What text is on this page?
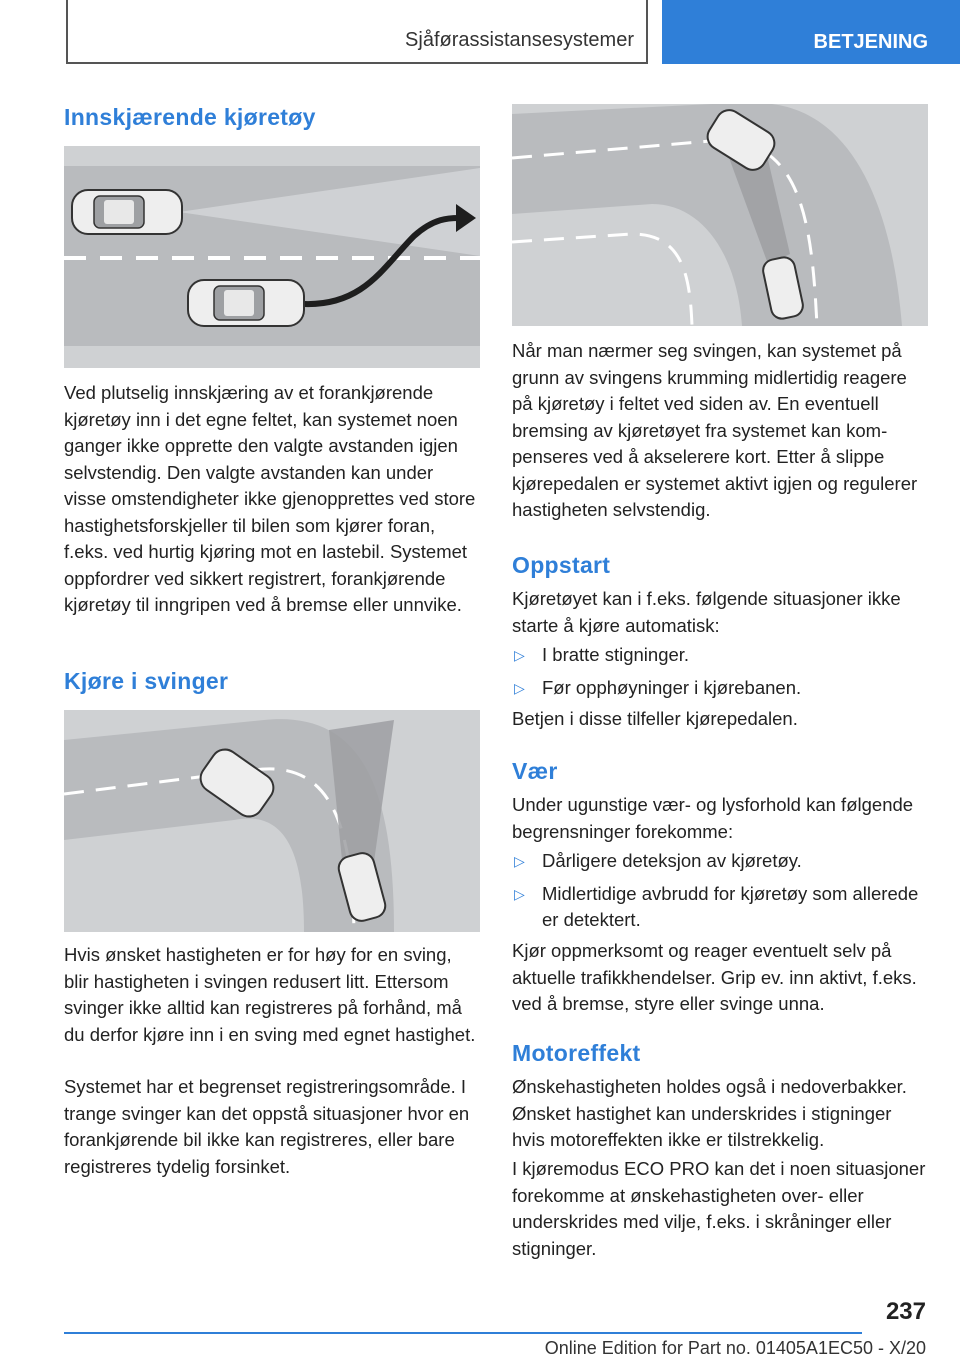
Sjåførassistansesystemer	BETJENING
Innskjærende kjøretøy

Ved plutselig innskjæring av et forankjørende kjøretøy inn i det egne feltet, kan systemet noen ganger ikke opprette den valgte avstanden igjen selvstendig. Den valgte avstanden kan under visse omstendigheter ikke gjenopprettes ved store hastighetsforskjeller til bilen som kjører foran, f.eks. ved hurtig kjøring mot en lastebil. Systemet oppfordrer ved sikkert registrert, forankjørende kjøretøy til inngripen ved å bremse eller unnvike.

Kjøre i svinger

Hvis ønsket hastigheten er for høy for en sving, blir hastigheten i svingen redusert litt. Ettersom svinger ikke alltid kan registreres på forhånd, må du derfor kjøre inn i en sving med egnet hastighet.

Systemet har et begrenset registreringsområde. I trange svinger kan det oppstå situasjoner hvor en forankjørende bil ikke kan registreres, eller bare registreres tydelig forsinket.

Når man nærmer seg svingen, kan systemet på grunn av svingens krumming midlertidig reagere på kjøretøy i feltet ved siden av. En eventuell bremsing av kjøretøyet fra systemet kan kompenseres ved å akselerere kort. Etter å slippe kjørepedalen er systemet aktivt igjen og regulerer hastigheten selvstendig.

Oppstart

Kjøretøyet kan i f.eks. følgende situasjoner ikke starte å kjøre automatisk:

▷ I bratte stigninger.
▷ Før opphøyninger i kjørebanen.

Betjen i disse tilfeller kjørepedalen.

Vær

Under ugunstige vær- og lysforhold kan følgende begrensninger forekomme:

▷ Dårligere deteksjon av kjøretøy.
▷ Midlertidige avbrudd for kjøretøy som allerede er detektert.

Kjør oppmerksomt og reager eventuelt selv på aktuelle trafikkhendelser. Grip ev. inn aktivt, f.eks. ved å bremse, styre eller svinge unna.

Motoreffekt

Ønskehastigheten holdes også i nedoverbakker. Ønsket hastighet kan underskrides i stigninger hvis motoreffekten ikke er tilstrekkelig.

I kjøremodus ECO PRO kan det i noen situasjoner forekomme at ønskehastigheten over- eller underskrides med vilje, f.eks. i skråninger eller stigninger.

237
Online Edition for Part no. 01405A1EC50 - X/20
